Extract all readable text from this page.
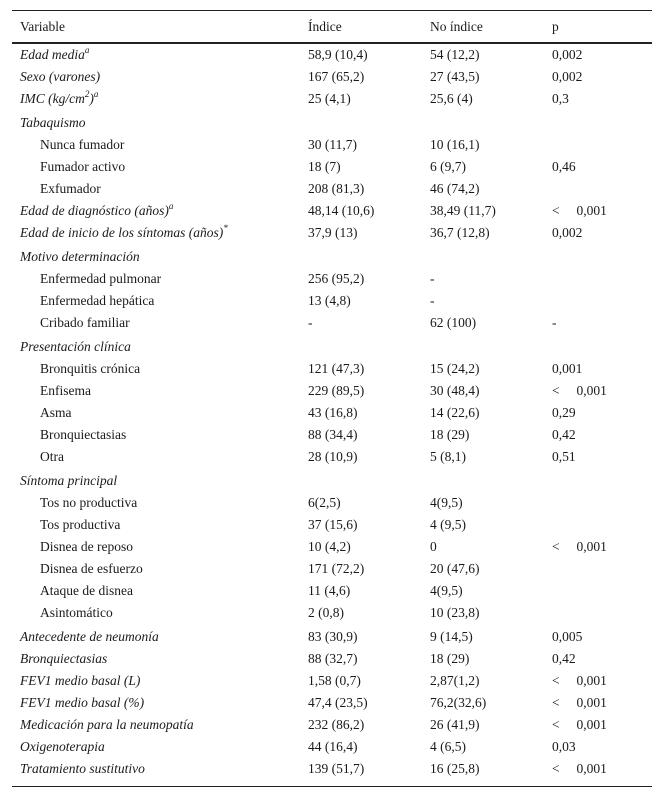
Variable	Índice	No índice	p
Edad media$^a$	58,9 (10,4)	54 (12,2)	0,002
Sexo (varones)	167 (65,2)	27 (43,5)	0,002
IMC $(kg/cm^2)^a$	25 (4,1)	25,6 (4)	0,3
Tabaquismo
Nunca fumador	30 (11,7)	10 (16,1)
Fumador activo	18 (7)	6 (9,7)	0,46
Exfumador	208 (81,3)	46 (74,2)
Edad de diagnóstico (años)$^a$	48,14 (10,6)	38,49 (11,7)	<  0,001
Edad de inicio de los síntomas (años)*	37,9 (13)	36,7 (12,8)	0,002
Motivo determinación
Enfermedad pulmonar	256 (95,2)	-
Enfermedad hepática	13 (4,8)	-
Cribado familiar	-	62 (100)	-
Presentación clínica
Bronquitis crónica	121 (47,3)	15 (24,2)	0,001
Enfisema	229 (89,5)	30 (48,4)	<  0,001
Asma	43 (16,8)	14 (22,6)	0,29
Bronquiectasias	88 (34,4)	18 (29)	0,42
Otra	28 (10,9)	5 (8,1)	0,51
Síntoma principal
Tos no productiva	6(2,5)	4(9,5)
Tos productiva	37 (15,6)	4 (9,5)
Disnea de reposo	10 (4,2)	0	<  0,001
Disnea de esfuerzo	171 (72,2)	20 (47,6)
Ataque de disnea	11 (4,6)	4(9,5)
Asintomático	2 (0,8)	10 (23,8)
Antecedente de neumonía	83 (30,9)	9 (14,5)	0,005
Bronquiectasias	88 (32,7)	18 (29)	0,42
FEV1 medio basal (L)	1,58 (0,7)	2,87(1,2)	<  0,001
FEV1 medio basal (%)	47,4 (23,5)	76,2(32,6)	<  0,001
Medicación para la neumopatía	232 (86,2)	26 (41,9)	<  0,001
Oxigenoterapia	44 (16,4)	4 (6,5)	0,03
Tratamiento sustitutivo	139 (51,7)	16 (25,8)	<  0,001
